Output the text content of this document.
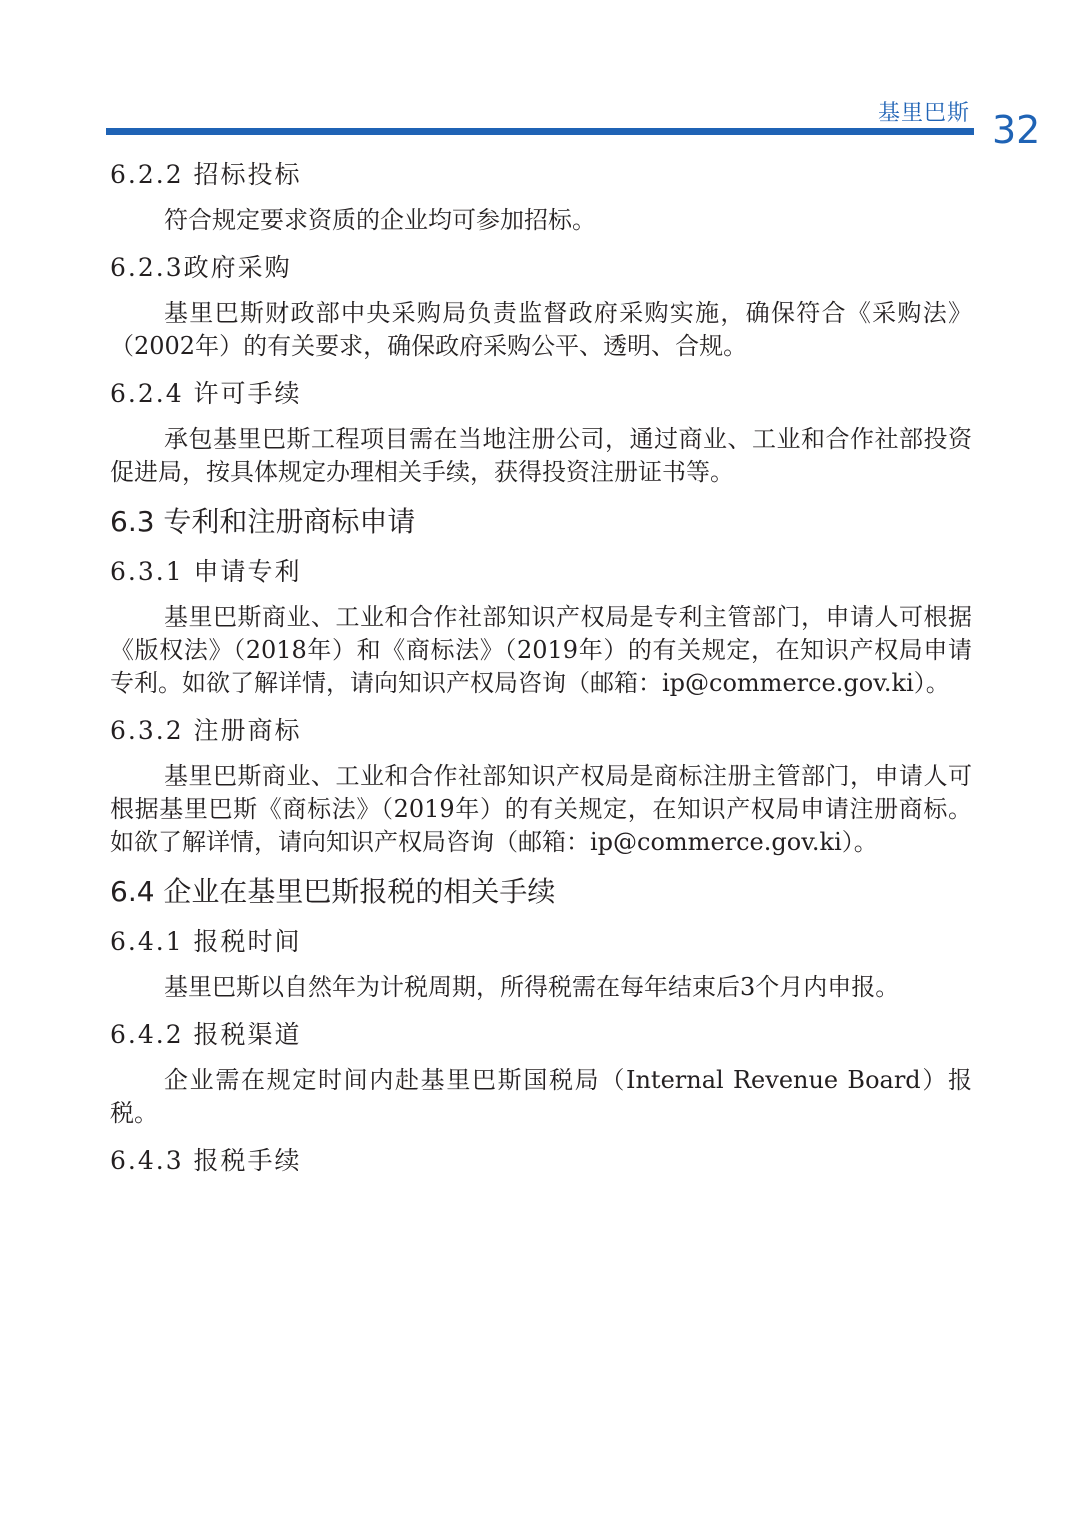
基里巴斯 32
6.2.2 招标投标

符合规定要求资质的企业均可参加招标。

6.2.3政府采购

基里巴斯财政部中央采购局负责监督政府采购实施，确保符合《采购法》（2002年）的有关要求，确保政府采购公平、透明、合规。

6.2.4 许可手续

承包基里巴斯工程项目需在当地注册公司，通过商业、工业和合作社部投资促进局，按具体规定办理相关手续，获得投资注册证书等。

6.3 专利和注册商标申请
6.3.1 申请专利

基里巴斯商业、工业和合作社部知识产权局是专利主管部门，申请人可根据《版权法》（2018年）和《商标法》（2019年）的有关规定，在知识产权局申请专利。如欲了解详情，请向知识产权局咨询（邮箱：ip@commerce.gov.ki）。

6.3.2 注册商标

基里巴斯商业、工业和合作社部知识产权局是商标注册主管部门，申请人可根据基里巴斯《商标法》（2019年）的有关规定，在知识产权局申请注册商标。如欲了解详情，请向知识产权局咨询（邮箱：ip@commerce.gov.ki）。

6.4 企业在基里巴斯报税的相关手续
6.4.1 报税时间

基里巴斯以自然年为计税周期，所得税需在每年结束后3个月内申报。

6.4.2 报税渠道

企业需在规定时间内赴基里巴斯国税局（Internal Revenue Board）报税。

6.4.3 报税手续
